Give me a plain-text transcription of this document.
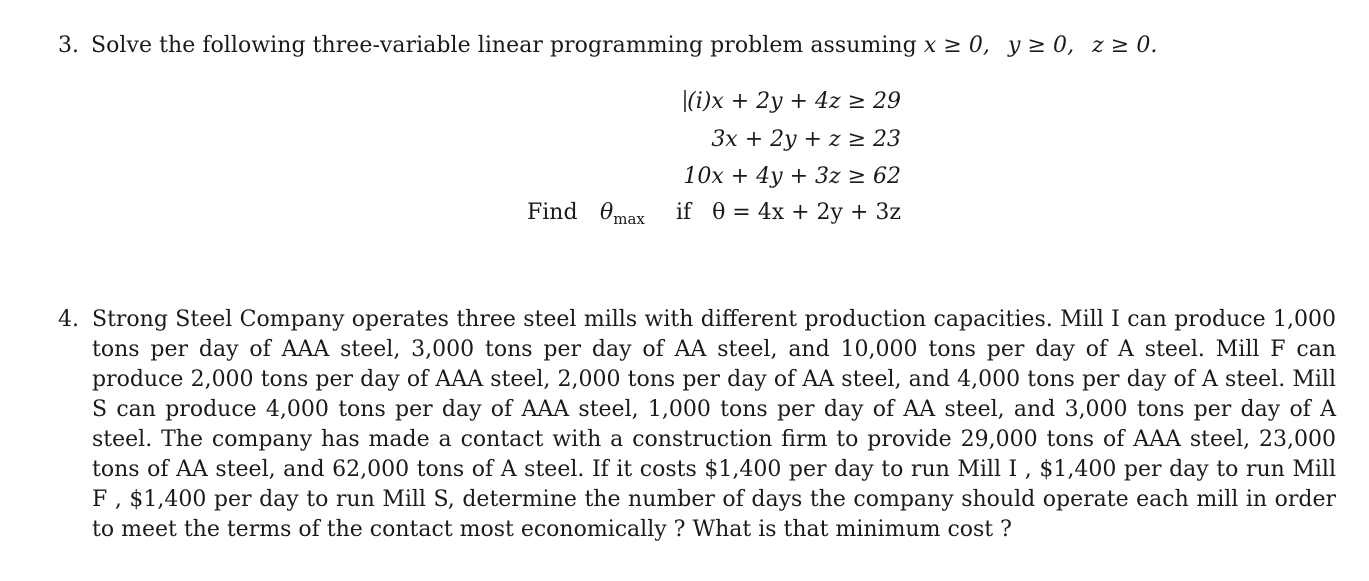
3. Solve the following three-variable linear programming problem assuming x ≥ 0, y ≥ 0, z ≥ 0.
(i)x + 2y + 4z ≥ 29
3x + 2y + z ≥ 23
10x + 4y + 3z ≥ 62
Find $\theta_{max}$ if θ = 4x + 2y + 3z
4. Strong Steel Company operates three steel mills with different production capacities. Mill I can produce 1,000 tons per day of AAA steel, 3,000 tons per day of AA steel, and 10,000 tons per day of A steel. Mill F can produce 2,000 tons per day of AAA steel, 2,000 tons per day of AA steel, and 4,000 tons per day of A steel. Mill S can produce 4,000 tons per day of AAA steel, 1,000 tons per day of AA steel, and 3,000 tons per day of A steel. The company has made a contact with a construction firm to provide 29,000 tons of AAA steel, 23,000 tons of AA steel, and 62,000 tons of A steel. If it costs $1,400 per day to run Mill I , $1,400 per day to run Mill F , $1,400 per day to run Mill S, determine the number of days the company should operate each mill in order to meet the terms of the contact most economically ? What is that minimum cost ?
